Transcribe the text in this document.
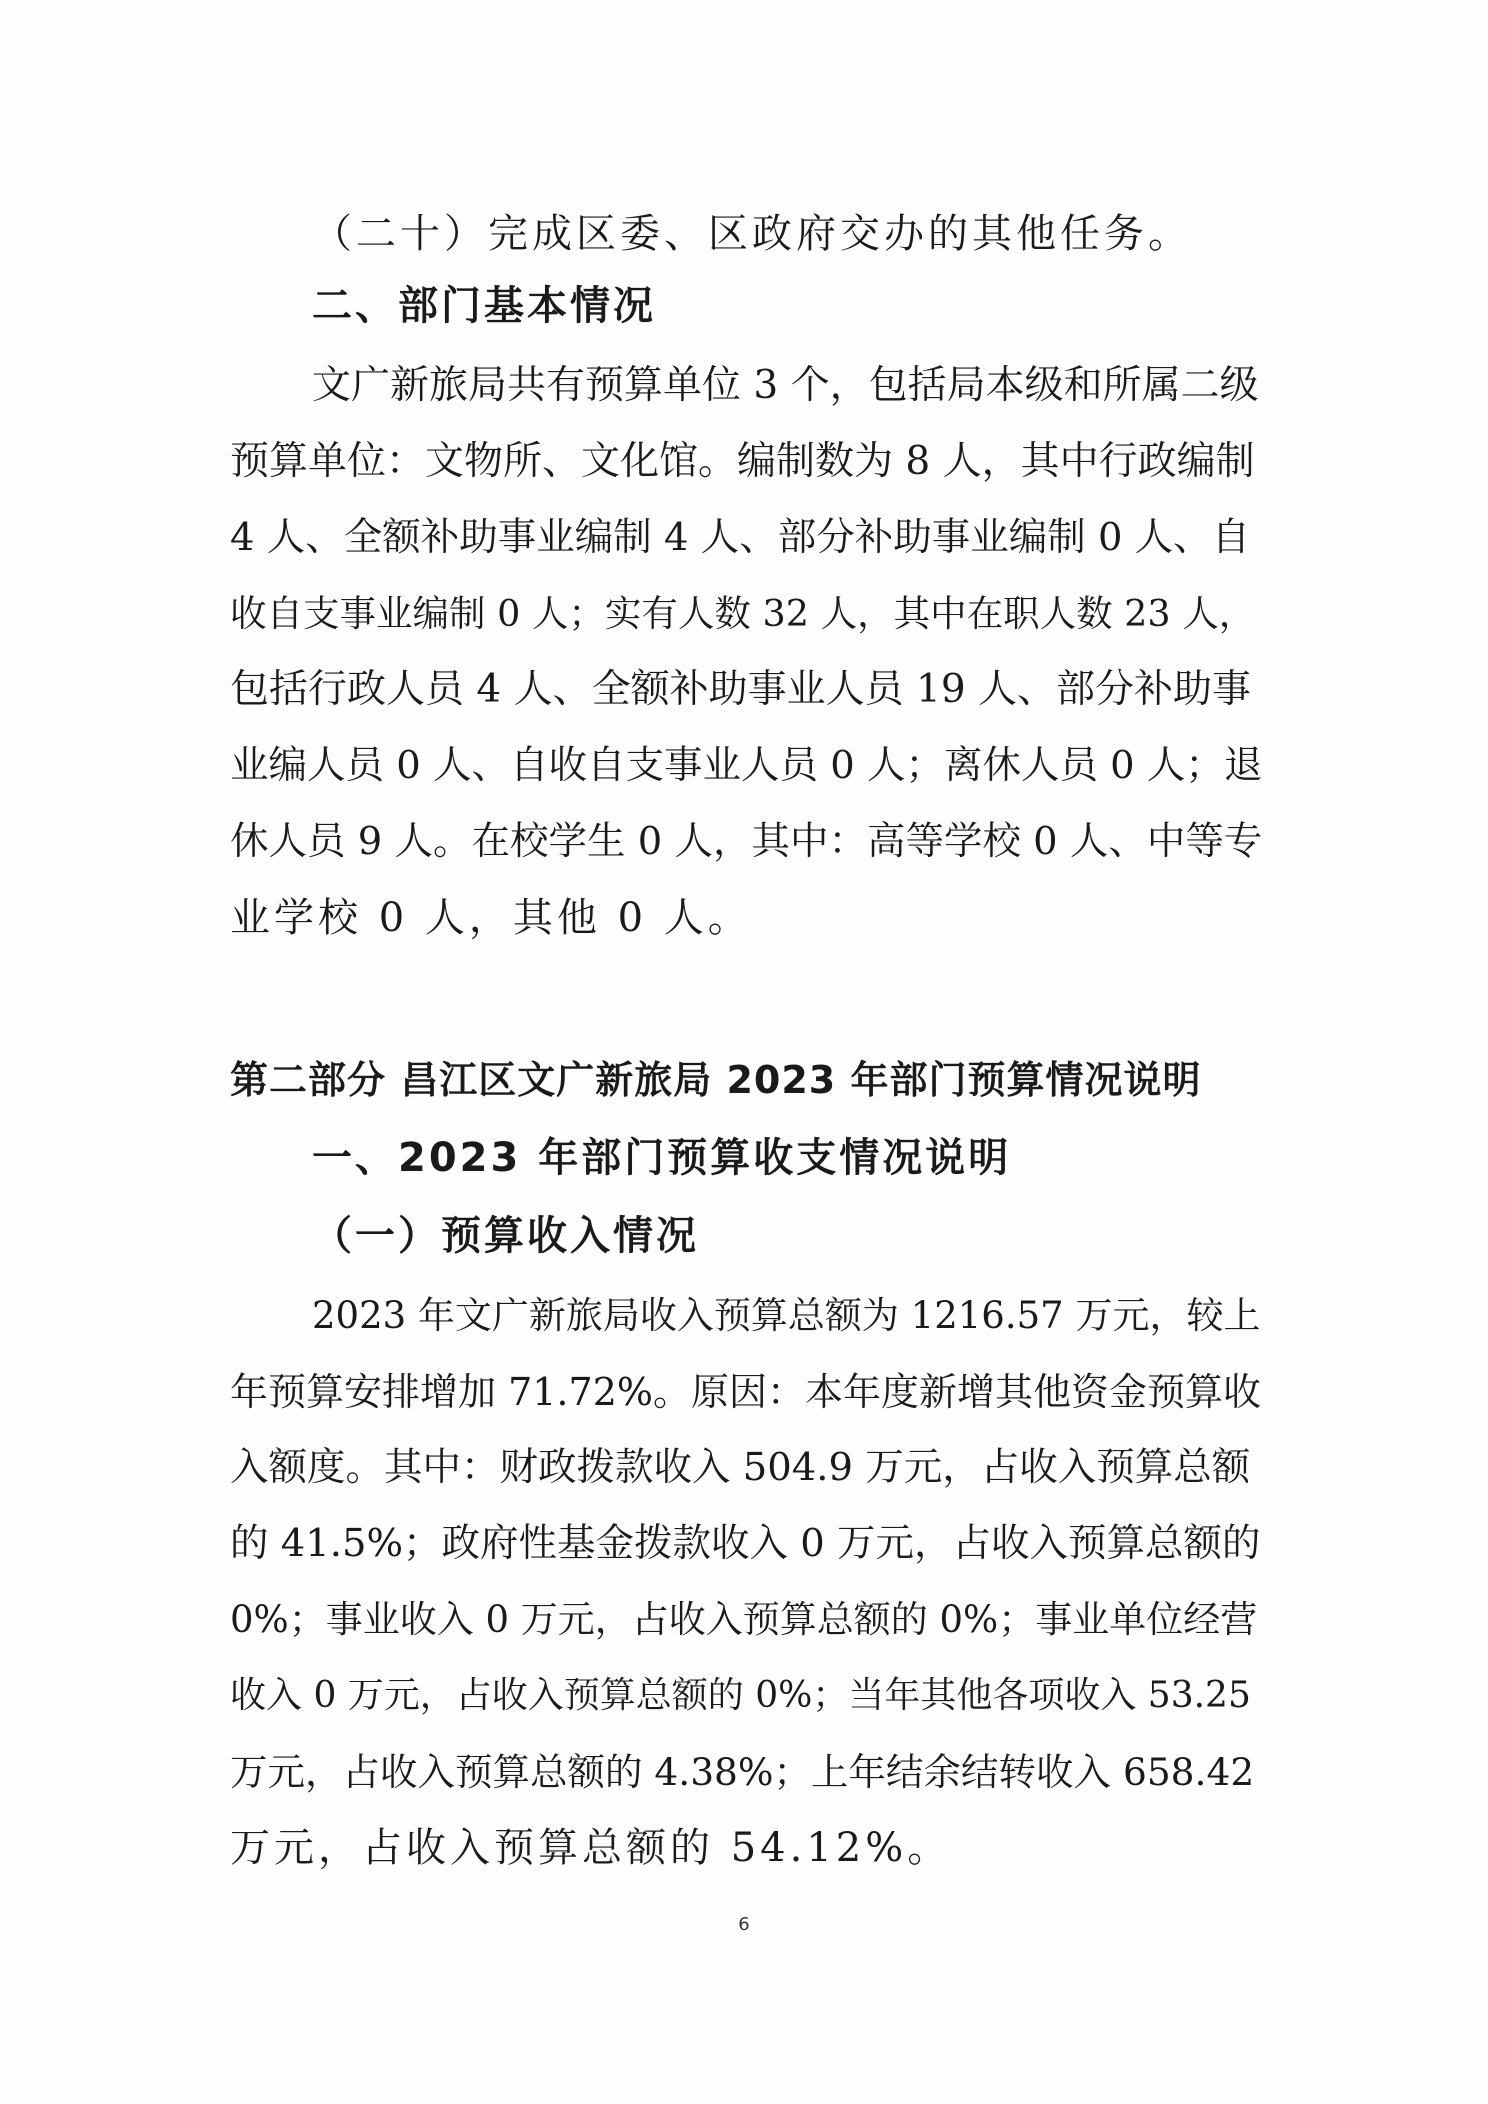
（二十）完成区委、区政府交办的其他任务。
二、部门基本情况
文广新旅局共有预算单位 3 个，包括局本级和所属二级
预算单位：文物所、文化馆。编制数为 8 人，其中行政编制
4 人、全额补助事业编制 4 人、部分补助事业编制 0 人、自
收自支事业编制 0 人；实有人数 32 人，其中在职人数 23 人，
包括行政人员 4 人、全额补助事业人员 19 人、部分补助事
业编人员 0 人、自收自支事业人员 0 人；离休人员 0 人；退
休人员 9 人。在校学生 0 人，其中：高等学校 0 人、中等专
业学校 0 人，其他 0 人。
第二部分 昌江区文广新旅局 2023 年部门预算情况说明
一、2023 年部门预算收支情况说明
（一）预算收入情况
2023 年文广新旅局收入预算总额为 1216.57 万元，较上
年预算安排增加 71.72%。原因：本年度新增其他资金预算收
入额度。其中：财政拨款收入 504.9 万元，占收入预算总额
的 41.5%；政府性基金拨款收入 0 万元，占收入预算总额的
0%；事业收入 0 万元，占收入预算总额的 0%；事业单位经营
收入 0 万元，占收入预算总额的 0%；当年其他各项收入 53.25
万元，占收入预算总额的 4.38%；上年结余结转收入 658.42
万元，占收入预算总额的 54.12%。
6
